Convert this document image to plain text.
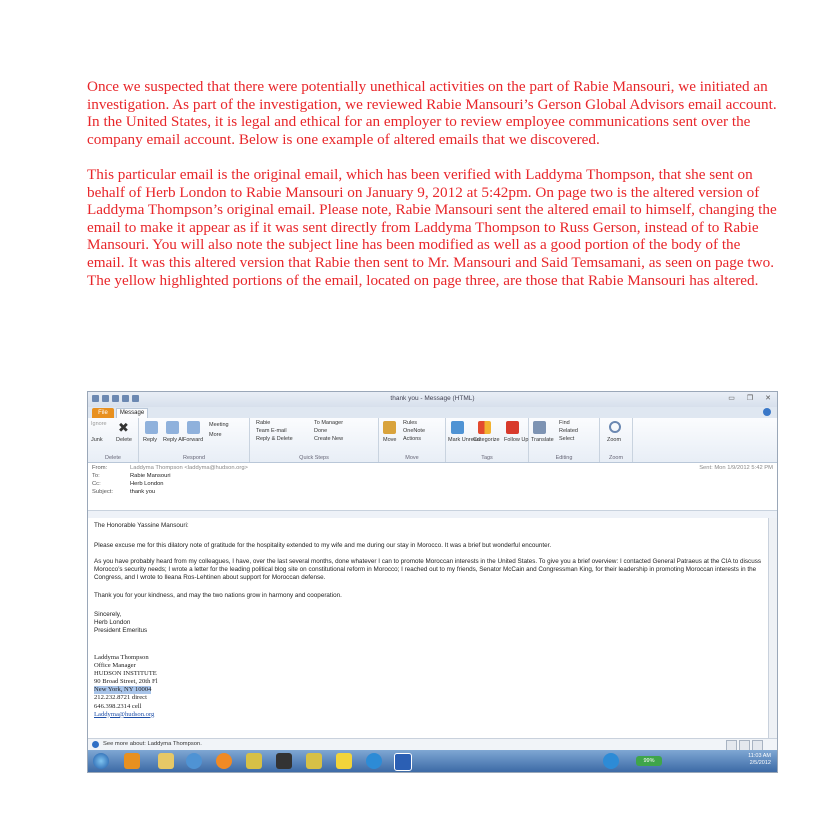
Once we suspected that there were potentially unethical activities on the part of Rabie Mansouri, we initiated an investigation. As part of the investigation, we reviewed Rabie Mansouri’s Gerson Global Advisors email account. In the United States, it is legal and ethical for an employer to review employee communications sent over the company email account. Below is one example of altered emails that we discovered.

This particular email is the original email, which has been verified with Laddyma Thompson, that she sent on behalf of Herb London to Rabie Mansouri on January 9, 2012 at 5:42pm. On page two is the altered version of Laddyma Thompson’s original email. Please note, Rabie Mansouri sent the altered email to himself, changing the email to make it appear as if it was sent directly from Laddyma Thompson to Russ Gerson, instead of to Rabie Mansouri. You will also note the subject line has been modified as well as a good portion of the body of the email. It was this altered version that Rabie then sent to Mr. Mansouri and Said Temsamani, as seen on page two. The yellow highlighted portions of the email, located on page three, are those that Rabie Mansouri has altered.

thank you - Message (HTML)	▭ ❐ ✕
File	Message
Ignore
Junk
✖
Delete
Delete
Reply Reply All
Forward
Meeting
More
Respond
Rabie
Team E-mail
Reply & Delete
To Manager
Done
Create New
Quick Steps
Move
Rules
OneNote
Actions
Move
Mark Unread
Categorize Follow Up
Tags
Translate
Find
Related
Select
Editing
Zoom
Zoom
From:	Laddyma Thompson <laddyma@hudson.org>
To:	Rabie Mansouri
Cc:	Herb London
Subject:	thank you
Sent: Mon 1/9/2012 5:42 PM

The Honorable Yassine Mansouri:

Please excuse me for this dilatory note of gratitude for the hospitality extended to my wife and me during our stay in Morocco. It was a brief but wonderful encounter.

As you have probably heard from my colleagues, I have, over the last several months, done whatever I can to promote Moroccan interests in the United States. To give you a brief overview: I contacted General Patraeus at the CIA to discuss Morocco’s security needs; I wrote a letter for the leading political blog site on constitutional reform in Morocco; I reached out to my friends, Senator McCain and Congressman King, for their leadership in promoting Moroccan interests in the Congress, and I wrote to Ileana Ros-Lehtinen about support for Moroccan defense.

Thank you for your kindness, and may the two nations grow in harmony and cooperation.

Sincerely,

Herb London

President Emeritus

Laddyma Thompson
Office Manager
HUDSON INSTITUTE
90 Broad Street, 20th Fl
New York, NY 10004
212.232.8721 direct
646.398.2314 cell
Laddyma@hudson.org
See more about: Laddyma Thompson.
99%
11:03 AM
2/5/2012
